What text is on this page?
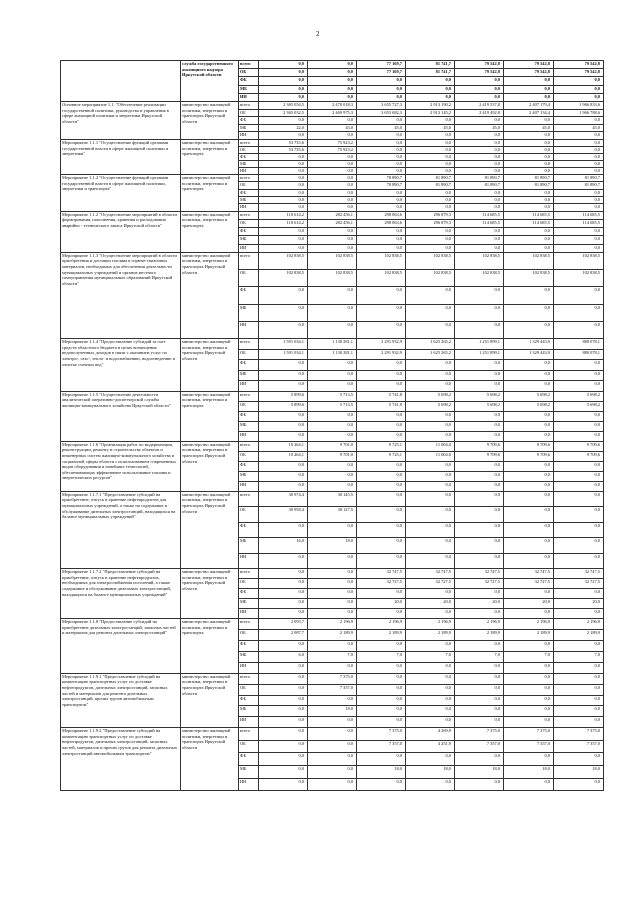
2
	служба государственного жилищного надзора Иркутской области	всего	0,0	0,0	77 169,7	81 741,7	79 542,8	79 542,8	79 542,8
		ОБ	0,0	0,0	77 169,7	81 741,7	79 542,8	79 542,8	79 542,8
		ФБ	0,0	0,0	0,0	0,0	0,0	0,0	0,0
		МБ	0,0	0,0	0,0	0,0	0,0	0,0	0,0
		ИИ	0,0	0,0	0,0	0,0	0,0	0,0	0,0
Основное мероприятие 1.1. "Обеспечение реализации государственной политики, руководства и управления в сфере жилищной политики и энергетики Иркутской области"	министерство жилищной политики, энергетики и транспорта Иркутской области	всего	2 365 054,5	2 470 018,3	3 655 727,3	2 913 190,2	2 419 537,8	2 407 179,4	1 966 833,6
		ОБ	2 365 032,5	2 469 975,3	3 653 682,3	2 913 145,2	2 419 492,8	2 407 134,4	1 966 788,6
		ФБ	0,0	0,0	0,0	0,0	0,0	0,0	0,0
		МБ	22,0	43,0	45,0	45,0	45,0	45,0	45,0
		ИИ	0,0	0,0	0,0	0,0	0,0	0,0	0,0
Мероприятие 1.1.1 "Осуществление функций органами государственной власти в сфере жилищной политики и энергетики"	министерство жилищной политики, энергетики и транспорта	всего	53 735,6	75 923,2	0,0	0,0	0,0	0,0	0,0
		ОБ	53 735,6	75 923,2	0,0	0,0	0,0	0,0	0,0
		ФБ	0,0	0,0	0,0	0,0	0,0	0,0	0,0
		МБ	0,0	0,0	0,0	0,0	0,0	0,0	0,0
		ИИ	0,0	0,0	0,0	0,0	0,0	0,0	0,0
Мероприятие 1.1.2 "Осуществление функций органами государственной власти в сфере жилищной политики, энергетики и транспорта"	министерство жилищной политики, энергетики и транспорта	всего	0,0	0,0	78 890,7	81 890,7	81 890,7	81 890,7	81 890,7
		ОБ	0,0	0,0	78 890,7	81 890,7	81 890,7	81 890,7	81 890,7
		ФБ	0,0	0,0	0,0	0,0	0,0	0,0	0,0
		МБ	0,0	0,0	0,0	0,0	0,0	0,0	0,0
		ИИ	0,0	0,0	0,0	0,0	0,0	0,0	0,0
Мероприятие 1.1.2 "Осуществление мероприятий в области формирования, пополнения, хранения и расходования аварийно - технического запаса Иркутской области"	министерство жилищной политики, энергетики и транспорта	всего	118 614,2	282 456,1	298 063,6	296 879,3	114 685,5	114 685,5	114 685,5
		ОБ	118 614,2	282 456,1	298 063,6	296 879,3	114 685,5	114 685,5	114 685,5
		ФБ	0,0	0,0	0,0	0,0	0,0	0,0	0,0
		МБ	0,0	0,0	0,0	0,0	0,0	0,0	0,0
		ИИ	0,0	0,0	0,0	0,0	0,0	0,0	0,0
Мероприятие 1.1.3 "Осуществление мероприятий в области приобретения и доставки топлива в горюче-смазочных материалов, необходимых для обеспечения деятельности муниципальных учреждений и органов местного самоуправления муниципальных образований Иркутской области"	министерство жилищной политики, энергетики и транспорта Иркутской области	всего	102 838,5	102 838,5	102 838,5	102 838,5	102 838,5	102 838,5	102 838,5
		ОБ	102 838,5	102 838,5	102 838,5	102 838,5	102 838,5	102 838,5	102 838,5
		ФБ	0,0	0,0	0,0	0,0	0,0	0,0	0,0
		МБ	0,0	0,0	0,0	0,0	0,0	0,0	0,0
		ИИ	0,0	0,0	0,0	0,0	0,0	0,0	0,0
Мероприятие 1.1.4 "Предоставление субсидий за счет средств областного бюджета в целях возмещения недополученных доходов в связи с оказанием услуг по электро-, газо-, тепло- и водоснабжению, водоотведению и очистке сточных вод"	министерство жилищной политики, энергетики и транспорта Иркутской области	всего	1 591 034,1	1 130 281,1	2 291 932,9	1 625 265,2	1 251 899,1	1 329 443,9	880 078,1
		ОБ	1 591 034,1	1 130 281,1	2 291 932,9	1 625 265,2	1 251 899,1	1 329 443,9	880 078,1
		ФБ	0,0	0,0	0,0	0,0	0,0	0,0	0,0
		МБ	0,0	0,0	0,0	0,0	0,0	0,0	0,0
		ИИ	0,0	0,0	0,0	0,0	0,0	0,0	0,0
Мероприятие 1.1.5 "Осуществление деятельности аналитической оперативно-диспетчерской службы жилищно-коммунального хозяйства Иркутской области"	министерство жилищной политики, энергетики и транспорта	всего	5 899,6	5 713,5	5 741,8	5 698,2	5 698,2	5 698,2	5 698,2
		ОБ	5 899,6	5 713,5	5 741,8	5 698,2	5 698,2	5 698,2	5 698,2
		ФБ	0,0	0,0	0,0	0,0	0,0	0,0	0,0
		МБ	0,0	0,0	0,0	0,0	0,0	0,0	0,0
		ИИ	0,0	0,0	0,0	0,0	0,0	0,0	0,0
Мероприятие 1.1.6 "Организация работ по модернизации, реконструкции, ремонту и строительству объектов и инженерных систем жилищно-коммунального хозяйства и социальной сферы области с использованием современных видов оборудования и новейших технологий, обеспечивающих эффективное использование топлива и энергетических ресурсов"	министерство жилищной политики, энергетики и транспорта Иркутской области	всего	10 264,1	9 701,0	9 725,1	11 004,0	9 709,6	9 709,6	9 709,6
		ОБ	10 264,1	9 701,0	9 725,1	11 004,0	9 709,6	9 709,6	9 709,6
		ФБ	0,0	0,0	0,0	0,0	0,0	0,0	0,0
		МБ	0,0	0,0	0,0	0,0	0,0	0,0	0,0
		ИИ	0,0	0,0	0,0	0,0	0,0	0,0	0,0
Мероприятие 1.1.7.1 "Предоставление субсидий на приобретение, отпуск и хранение нефтепродуктов для муниципальных учреждений, а также на содержание и обслуживание дизельных электростанций, находящихся на балансе муниципальных учреждений"	министерство жилищной политики, энергетики и транспорта Иркутской области	всего	30 974,4	30 145,5	0,0	0,0	0,0	0,0	0,0
		ОБ	30 958,4	30 127,5	0,0	0,0	0,0	0,0	0,0
		ФБ	0,0	0,0	0,0	0,0	0,0	0,0	0,0
		МБ	16,0	18,0	0,0	0,0	0,0	0,0	0,0
		ИИ	0,0	0,0	0,0	0,0	0,0	0,0	0,0
Мероприятие 1.1.7.2 "Предоставление субсидий на приобретение, отпуск и хранение нефтепродуктов, необходимых для электроснабжения поселений, а также содержание и обслуживание дизельных электростанций, находящихся на балансе муниципальных учреждений"	министерство жилищной политики, энергетики и транспорта Иркутской области	всего	0,0	0,0	32 747,5	32 747,5	32 747,5	32 747,5	32 747,5
		ОБ	0,0	0,0	32 727,5	32 727,5	32 727,5	32 727,5	32 727,5
		ФБ	0,0	0,0	0,0	0,0	0,0	0,0	0,0
		МБ	0,0	0,0	20,0	20,0	20,0	20,0	20,0
		ИИ	0,0	0,0	0,0	0,0	0,0	0,0	0,0
Мероприятие 1.1.8 "Предоставление субсидий на приобретение дизельных электростанций, запасных частей и материалов для ремонта дизельных электростанций"	министерство жилищной политики, энергетики и транспорта	всего	2 093,7	2 196,9	2 196,9	2 196,9	2 196,9	2 196,9	2 196,9
		ОБ	2 087,7	2 189,9	2 189,9	2 189,9	2 189,9	2 189,9	2 189,9
		ФБ	0,0	0,0	0,0	0,0	0,0	0,0	0,0
		МБ	6,0	7,0	7,0	7,0	7,0	7,0	7,0
		ИИ	0,0	0,0	0,0	0,0	0,0	0,0	0,0
Мероприятие 1.1.9.1 "Предоставление субсидий на компенсацию транспортных услуг по доставке нефтепродуктов, дизельных электростанций, запасных частей и материалов для ремонта дизельных электростанций, прочих грузов автомобильным транспортом"	министерство жилищной политики, энергетики и транспорта Иркутской области	всего	0,0	7 375,0	0,0	0,0	0,0	0,0	0,0
		ОБ	0,0	7 357,0	0,0	0,0	0,0	0,0	0,0
		ФБ	0,0	0,0	0,0	0,0	0,0	0,0	0,0
		МБ	0,0	18,0	0,0	0,0	0,0	0,0	0,0
		ИИ	0,0	0,0	0,0	0,0	0,0	0,0	0,0
Мероприятие 1.1.9.2 "Предоставление субсидий на компенсацию транспортных услуг по доставке нефтепродуктов, дизельных электростанций, запасных частей, материалов и прочих грузов для ремонта дизельных электростанций автомобильным транспортом"	министерство жилищной политики, энергетики и транспорта Иркутской области	всего	0,0	0,0	7 375,0	4 269,9	7 375,0	7 375,0	7 375,0
		ОБ	0,0	0,0	7 357,0	4 251,9	7 357,0	7 357,0	7 357,0
		ФБ	0,0	0,0	0,0	0,0	0,0	0,0	0,0
		МБ	0,0	0,0	18,0	18,0	18,0	18,0	18,0
		ИИ	0,0	0,0	0,0	0,0	0,0	0,0	0,0
